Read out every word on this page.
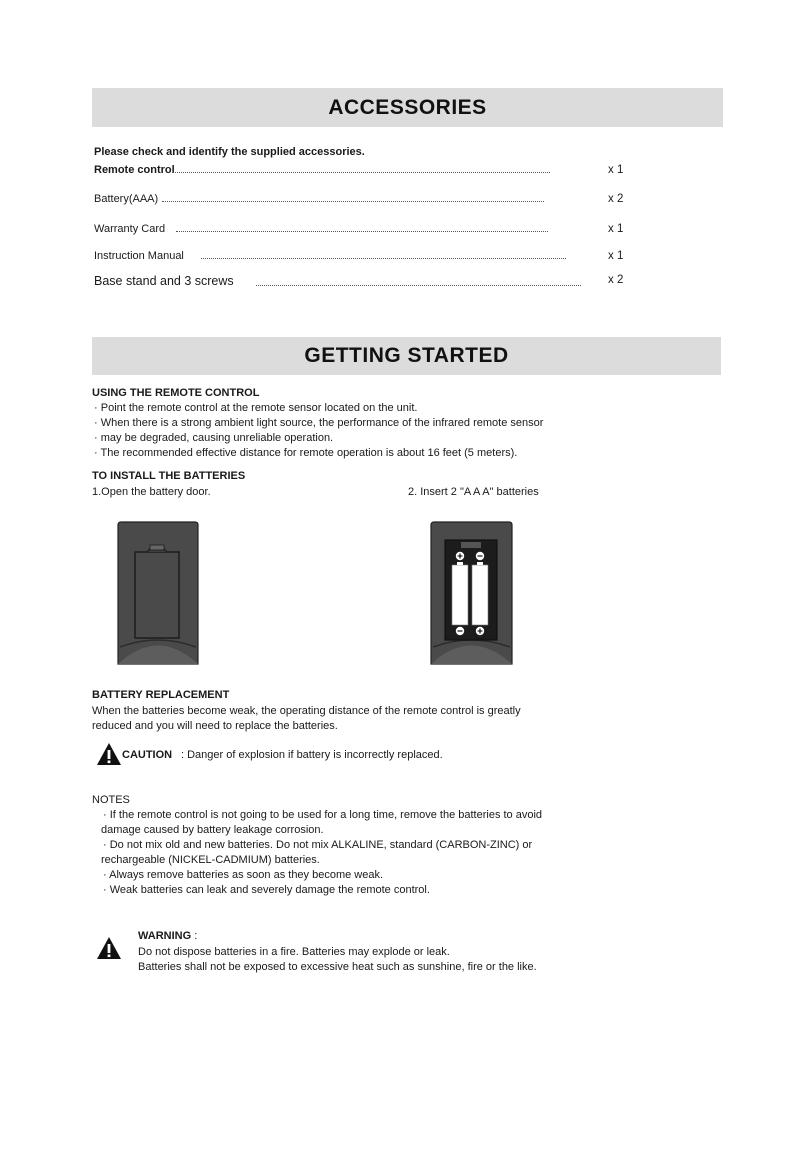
ACCESSORIES
Please check and identify the supplied accessories.
Remote control	x 1
Battery(AAA)	x 2
Warranty Card	x 1
Instruction Manual	x 1
Base stand and 3 screws	x 2
GETTING STARTED
USING THE REMOTE CONTROL
· Point the remote control at the remote sensor located on the unit.
· When there is a strong ambient light source, the performance of the infrared remote sensor
· may be degraded, causing unreliable operation.
· The recommended effective distance for remote operation is about 16 feet (5 meters).
TO INSTALL THE BATTERIES
1.Open the battery door.	2. Insert 2 "A A A" batteries
BATTERY REPLACEMENT
When the batteries become weak, the operating distance of the remote control is greatly
reduced and you will need to replace the batteries.
CAUTION : Danger of explosion if battery is incorrectly replaced.
NOTES
· If the remote control is not going to be used for a long time, remove the batteries to avoid
damage caused by battery leakage corrosion.
· Do not mix old and new batteries. Do not mix ALKALINE, standard (CARBON-ZINC) or
rechargeable (NICKEL-CADMIUM) batteries.
· Always remove batteries as soon as they become weak.
· Weak batteries can leak and severely damage the remote control.
WARNING :
Do not dispose batteries in a fire. Batteries may explode or leak.
Batteries shall not be exposed to excessive heat such as sunshine, fire or the like.
